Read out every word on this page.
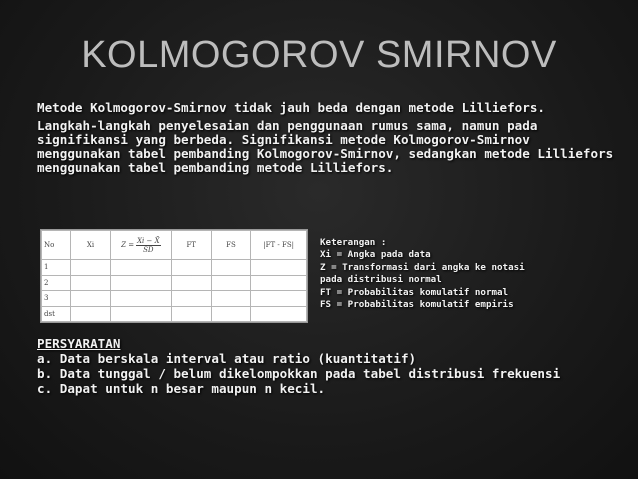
KOLMOGOROV SMIRNOV

Metode Kolmogorov-Smirnov tidak jauh beda dengan metode Lilliefors.

Langkah-langkah penyelesaian dan penggunaan rumus sama, namun pada signifikansi yang berbeda. Signifikansi metode Kolmogorov-Smirnov menggunakan tabel pembanding Kolmogorov-Smirnov, sedangkan metode Lilliefors menggunakan tabel pembanding metode Lilliefors.

No	Xi	$Z = \frac{Xi - X̄}{SD}$	FT	FS	|FT - FS|
1					
2					
3					
dst					
Keterangan :
Xi = Angka pada data
Z = Transformasi dari angka ke notasi
pada distribusi normal
FT = Probabilitas komulatif normal
FS = Probabilitas komulatif empiris
PERSYARATAN
a. Data berskala interval atau ratio (kuantitatif)
b. Data tunggal / belum dikelompokkan pada tabel distribusi frekuensi
c. Dapat untuk n besar maupun n kecil.
